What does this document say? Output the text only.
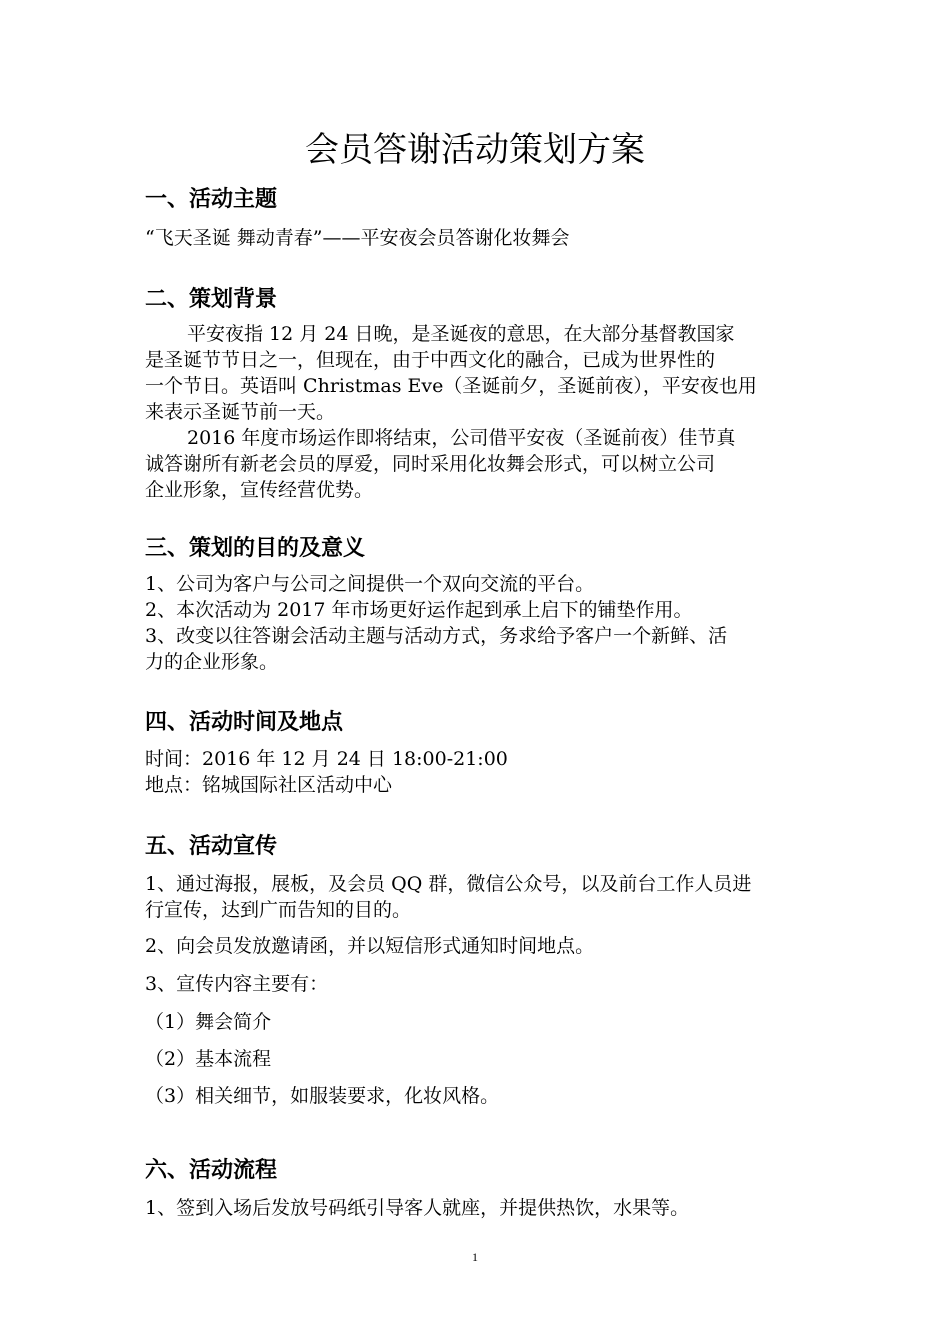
会员答谢活动策划方案
一、活动主题
“飞天圣诞 舞动青春”——平安夜会员答谢化妆舞会
二、策划背景
平安夜指 12 月 24 日晚，是圣诞夜的意思，在大部分基督教国家
是圣诞节节日之一，但现在，由于中西文化的融合，已成为世界性的
一个节日。英语叫 Christmas Eve（圣诞前夕，圣诞前夜），平安夜也用
来表示圣诞节前一天。
2016 年度市场运作即将结束，公司借平安夜（圣诞前夜）佳节真
诚答谢所有新老会员的厚爱，同时采用化妆舞会形式，可以树立公司
企业形象，宣传经营优势。
三、策划的目的及意义
1、公司为客户与公司之间提供一个双向交流的平台。
2、本次活动为 2017 年市场更好运作起到承上启下的铺垫作用。
3、改变以往答谢会活动主题与活动方式，务求给予客户一个新鲜、活
力的企业形象。
四、活动时间及地点
时间：2016 年 12 月 24 日 18:00-21:00
地点：铭城国际社区活动中心
五、活动宣传
1、通过海报，展板，及会员 QQ 群，微信公众号，以及前台工作人员进
行宣传，达到广而告知的目的。
2、向会员发放邀请函，并以短信形式通知时间地点。
3、宣传内容主要有：
（1）舞会简介
（2）基本流程
（3）相关细节，如服装要求，化妆风格。
六、活动流程
1、签到入场后发放号码纸引导客人就座，并提供热饮，水果等。
1
